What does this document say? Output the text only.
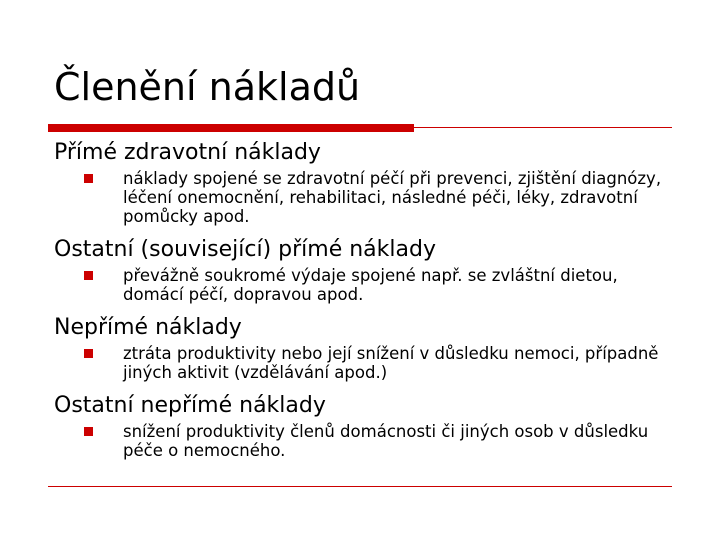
Členění nákladů
Přímé zdravotní náklady
náklady spojené se zdravotní péčí při prevenci, zjištění diagnózy, léčení onemocnění, rehabilitaci, následné péči, léky, zdravotní pomůcky apod.
Ostatní (související) přímé náklady
převážně soukromé výdaje spojené např. se zvláštní dietou, domácí péčí, dopravou apod.
Nepřímé náklady
ztráta produktivity nebo její snížení v důsledku nemoci, případně jiných aktivit (vzdělávání apod.)
Ostatní nepřímé náklady
snížení produktivity členů domácnosti či jiných osob v důsledku péče o nemocného.
